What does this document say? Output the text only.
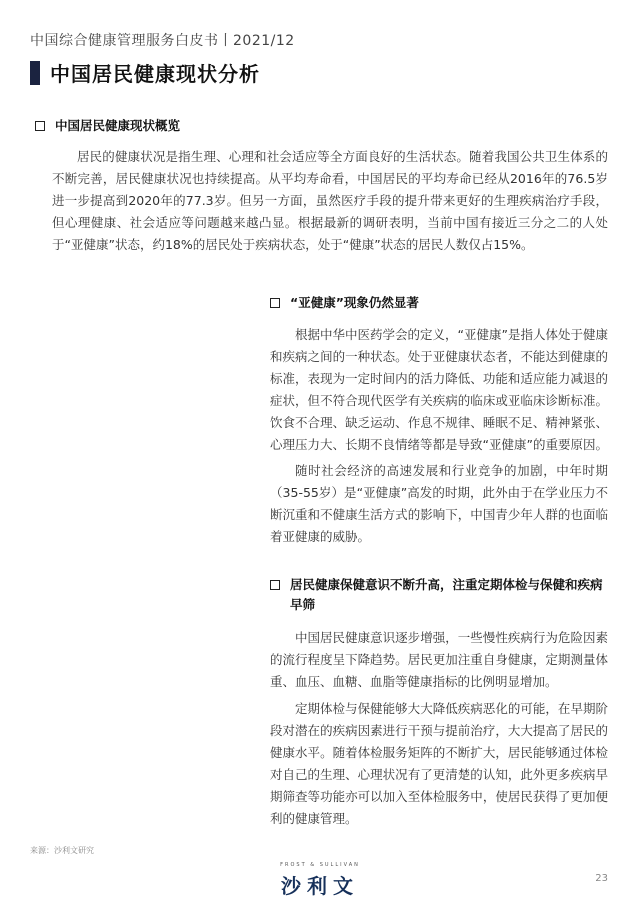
中国综合健康管理服务白皮书丨2021/12
中国居民健康现状分析
中国居民健康现状概览

居民的健康状况是指生理、心理和社会适应等全方面良好的生活状态。随着我国公共卫生体系的不断完善，居民健康状况也持续提高。从平均寿命看，中国居民的平均寿命已经从2016年的76.5岁进一步提高到2020年的77.3岁。但另一方面，虽然医疗手段的提升带来更好的生理疾病治疗手段，但心理健康、社会适应等问题越来越凸显。根据最新的调研表明，当前中国有接近三分之二的人处于“亚健康”状态，约18%的居民处于疾病状态，处于“健康”状态的居民人数仅占15%。

“亚健康”现象仍然显著

根据中华中医药学会的定义，“亚健康”是指人体处于健康和疾病之间的一种状态。处于亚健康状态者，不能达到健康的标准，表现为一定时间内的活力降低、功能和适应能力减退的症状，但不符合现代医学有关疾病的临床或亚临床诊断标准。饮食不合理、缺乏运动、作息不规律、睡眠不足、精神紧张、心理压力大、长期不良情绪等都是导致“亚健康”的重要原因。

随时社会经济的高速发展和行业竞争的加剧，中年时期（35-55岁）是“亚健康”高发的时期，此外由于在学业压力不断沉重和不健康生活方式的影响下，中国青少年人群的也面临着亚健康的威胁。

居民健康保健意识不断升高，注重定期体检与保健和疾病早筛

中国居民健康意识逐步增强，一些慢性疾病行为危险因素的流行程度呈下降趋势。居民更加注重自身健康，定期测量体重、血压、血糖、血脂等健康指标的比例明显增加。

定期体检与保健能够大大降低疾病恶化的可能，在早期阶段对潜在的疾病因素进行干预与提前治疗，大大提高了居民的健康水平。随着体检服务矩阵的不断扩大，居民能够通过体检对自己的生理、心理状况有了更清楚的认知，此外更多疾病早期筛查等功能亦可以加入至体检服务中，使居民获得了更加便利的健康管理。

来源：沙利文研究
FROST & SULLIVAN
沙利文	23
